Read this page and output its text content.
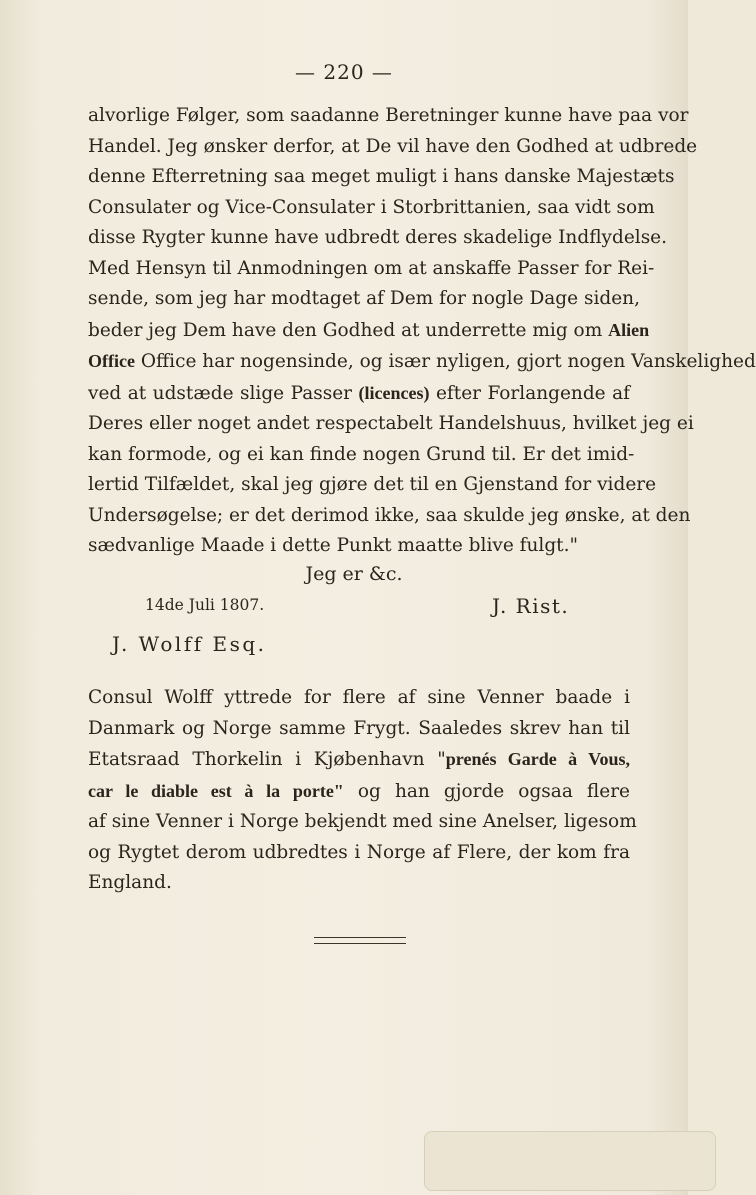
— 220 —
alvorlige Følger, som saadanne Beretninger kunne have paa vor
Handel. Jeg ønsker derfor, at De vil have den Godhed at udbrede
denne Efterretning saa meget muligt i hans danske Majestæts
Consulater og Vice-Consulater i Storbrittanien, saa vidt som
disse Rygter kunne have udbredt deres skadelige Indflydelse.
Med Hensyn til Anmodningen om at anskaffe Passer for Rei-
sende, som jeg har modtaget af Dem for nogle Dage siden,
beder jeg Dem have den Godhed at underrette mig om Alien
Office Office har nogensinde, og især nyligen, gjort nogen Vanskelighed
ved at udstæde slige Passer (licences) efter Forlangende af
Deres eller noget andet respectabelt Handelshuus, hvilket jeg ei
kan formode, og ei kan finde nogen Grund til. Er det imid-
lertid Tilfældet, skal jeg gjøre det til en Gjenstand for videre
Undersøgelse; er det derimod ikke, saa skulde jeg ønske, at den
sædvanlige Maade i dette Punkt maatte blive fulgt."
Jeg er &c.
14de Juli 1807.	J. Rist.
J. Wolff Esq.
Consul Wolff yttrede for flere af sine Venner baade i
Danmark og Norge samme Frygt. Saaledes skrev han til
Etatsraad Thorkelin i Kjøbenhavn "prenés Garde à Vous,
car le diable est à la porte" og han gjorde ogsaa flere
af sine Venner i Norge bekjendt med sine Anelser, ligesom
og Rygtet derom udbredtes i Norge af Flere, der kom fra
England.
